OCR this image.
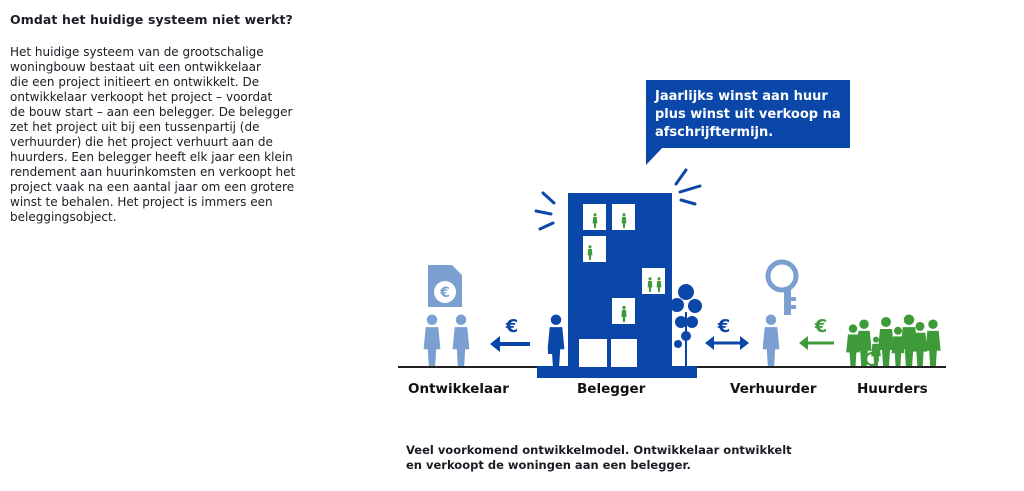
Omdat het huidige systeem niet werkt?

Het huidige systeem van de grootschalige
woningbouw bestaat uit een ontwikkelaar
die een project initieert en ontwikkelt. De
ontwikkelaar verkoopt het project – voordat
de bouw start – aan een belegger. De belegger
zet het project uit bij een tussenpartij (de
verhuurder) die het project verhuurt aan de
huurders. Een belegger heeft elk jaar een klein
rendement aan huurinkomsten en verkoopt het
project vaak na een aantal jaar om een grotere
winst te behalen. Het project is immers een
beleggingsobject.

Jaarlijks winst aan huur
plus winst uit verkoop na
afschrijftermijn.
€
€	€	€
Ontwikkelaar	Belegger	Verhuurder	Huurders
Veel voorkomend ontwikkelmodel. Ontwikkelaar ontwikkelt
en verkoopt de woningen aan een belegger.
